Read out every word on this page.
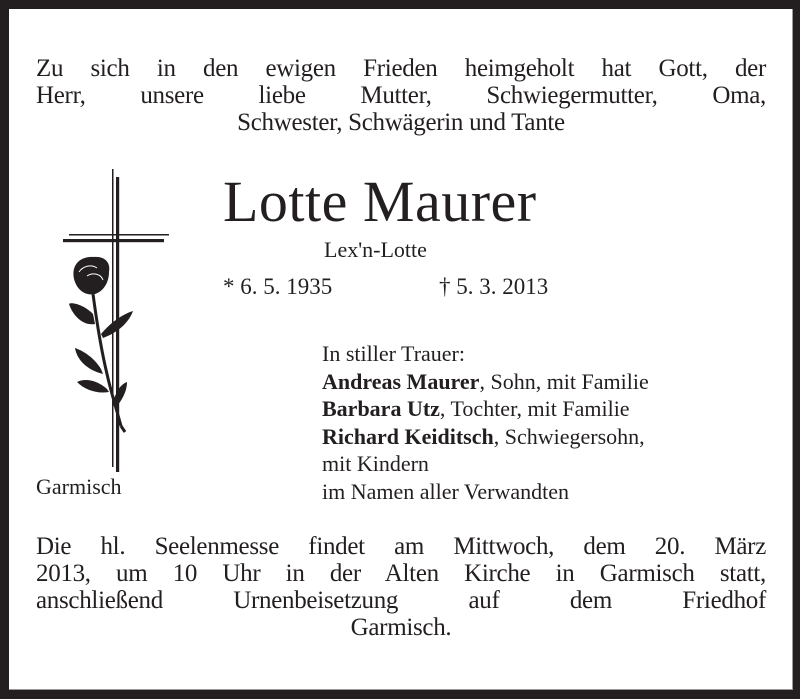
Zu sich in den ewigen Frieden heimgeholt hat Gott, der
Herr, unsere liebe Mutter, Schwiegermutter, Oma,
Schwester, Schwägerin und Tante
Lotte Maurer
Lex'n-Lotte
* 6. 5. 1935	† 5. 3. 2013
In stiller Trauer:
Andreas Maurer, Sohn, mit Familie
Barbara Utz, Tochter, mit Familie
Richard Keiditsch, Schwiegersohn,
mit Kindern
im Namen aller Verwandten
Garmisch
Die hl. Seelenmesse findet am Mittwoch, dem 20. März
2013, um 10 Uhr in der Alten Kirche in Garmisch statt,
anschließend Urnenbeisetzung auf dem Friedhof
Garmisch.
